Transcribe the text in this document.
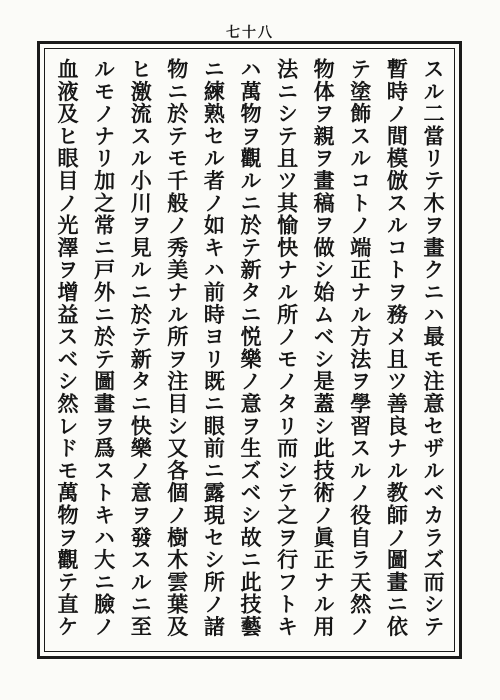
七十八
スル二當リテ木ヲ畫クニハ最モ注意セザルベカラズ而シテ
暫時ノ間模倣スルコトヲ務メ且ツ善良ナル教師ノ圖畫ニ依
テ塗飾スルコトノ端正ナル方法ヲ學習スルノ役自ラ天然ノ
物体ヲ親ヲ畫稿ヲ做シ始ムベシ是蓋シ此技術ノ眞正ナル用
法ニシテ且ツ其愉快ナル所ノモノタリ而シテ之ヲ行フトキ
ハ萬物ヲ觀ルニ於テ新タニ悦樂ノ意ヲ生ズベシ故ニ此技藝
ニ練熟セル者ノ如キハ前時ヨリ既ニ眼前ニ露現セシ所ノ諸
物ニ於テモ千般ノ秀美ナル所ヲ注目シ又各個ノ樹木雲葉及
ヒ激流スル小川ヲ見ルニ於テ新タニ快樂ノ意ヲ發スルニ至
ルモノナリ加之常ニ戸外ニ於テ圖畫ヲ爲ストキハ大ニ臉ノ
血液及ヒ眼目ノ光澤ヲ增益スベシ然レドモ萬物ヲ觀テ直ケ
